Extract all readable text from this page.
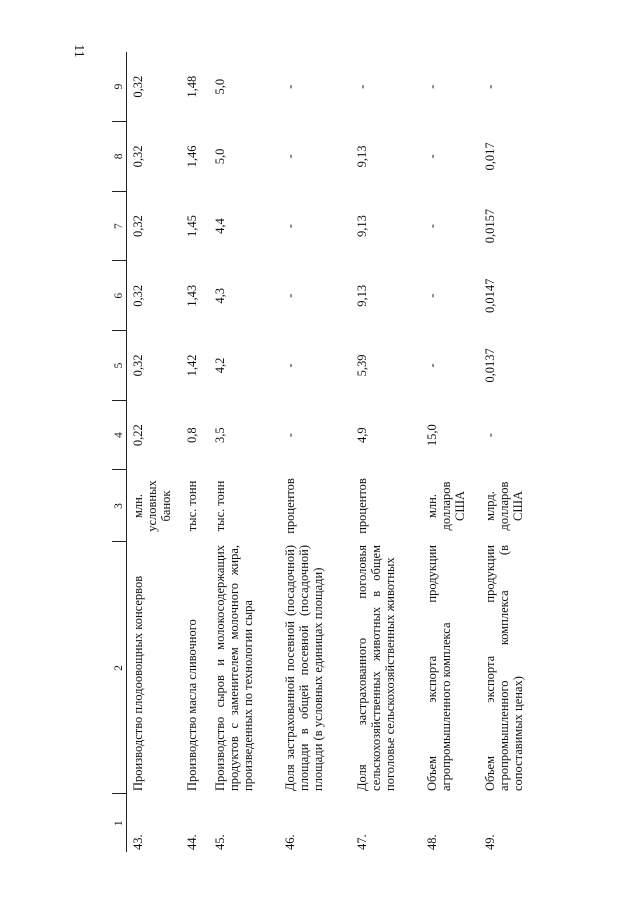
11
1	2	3	4	5	6	7	8	9
43.	Производство плодоовощных консервов	млн. условных банок	0,22	0,32	0,32	0,32	0,32	0,32
44.	Производство масла сливочного	тыс. тонн	0,8	1,42	1,43	1,45	1,46	1,48
45.	Производство сыров и молокосодержащих продуктов с заменителем молочного жира, произведенных по технологии сыра	тыс. тонн	3,5	4,2	4,3	4,4	5,0	5,0
46.	Доля застрахованной посевной (посадочной) площади в общей посевной (посадочной) площади (в условных единицах площади)	процентов	-	-	-	-	-	-
47.	Доля застрахованного поголовья сельскохозяйственных животных в общем поголовье сельскохозяйственных животных	процентов	4,9	5,39	9,13	9,13	9,13	-
48.	Объем экспорта продукции агропромышленного комплекса	млн. долларов США	15,0	-	-	-	-	-
49.	Объем экспорта продукции агропромышленного комплекса (в сопоставимых ценах)	млрд. долларов США	-	0,0137	0,0147	0,0157	0,017	-
